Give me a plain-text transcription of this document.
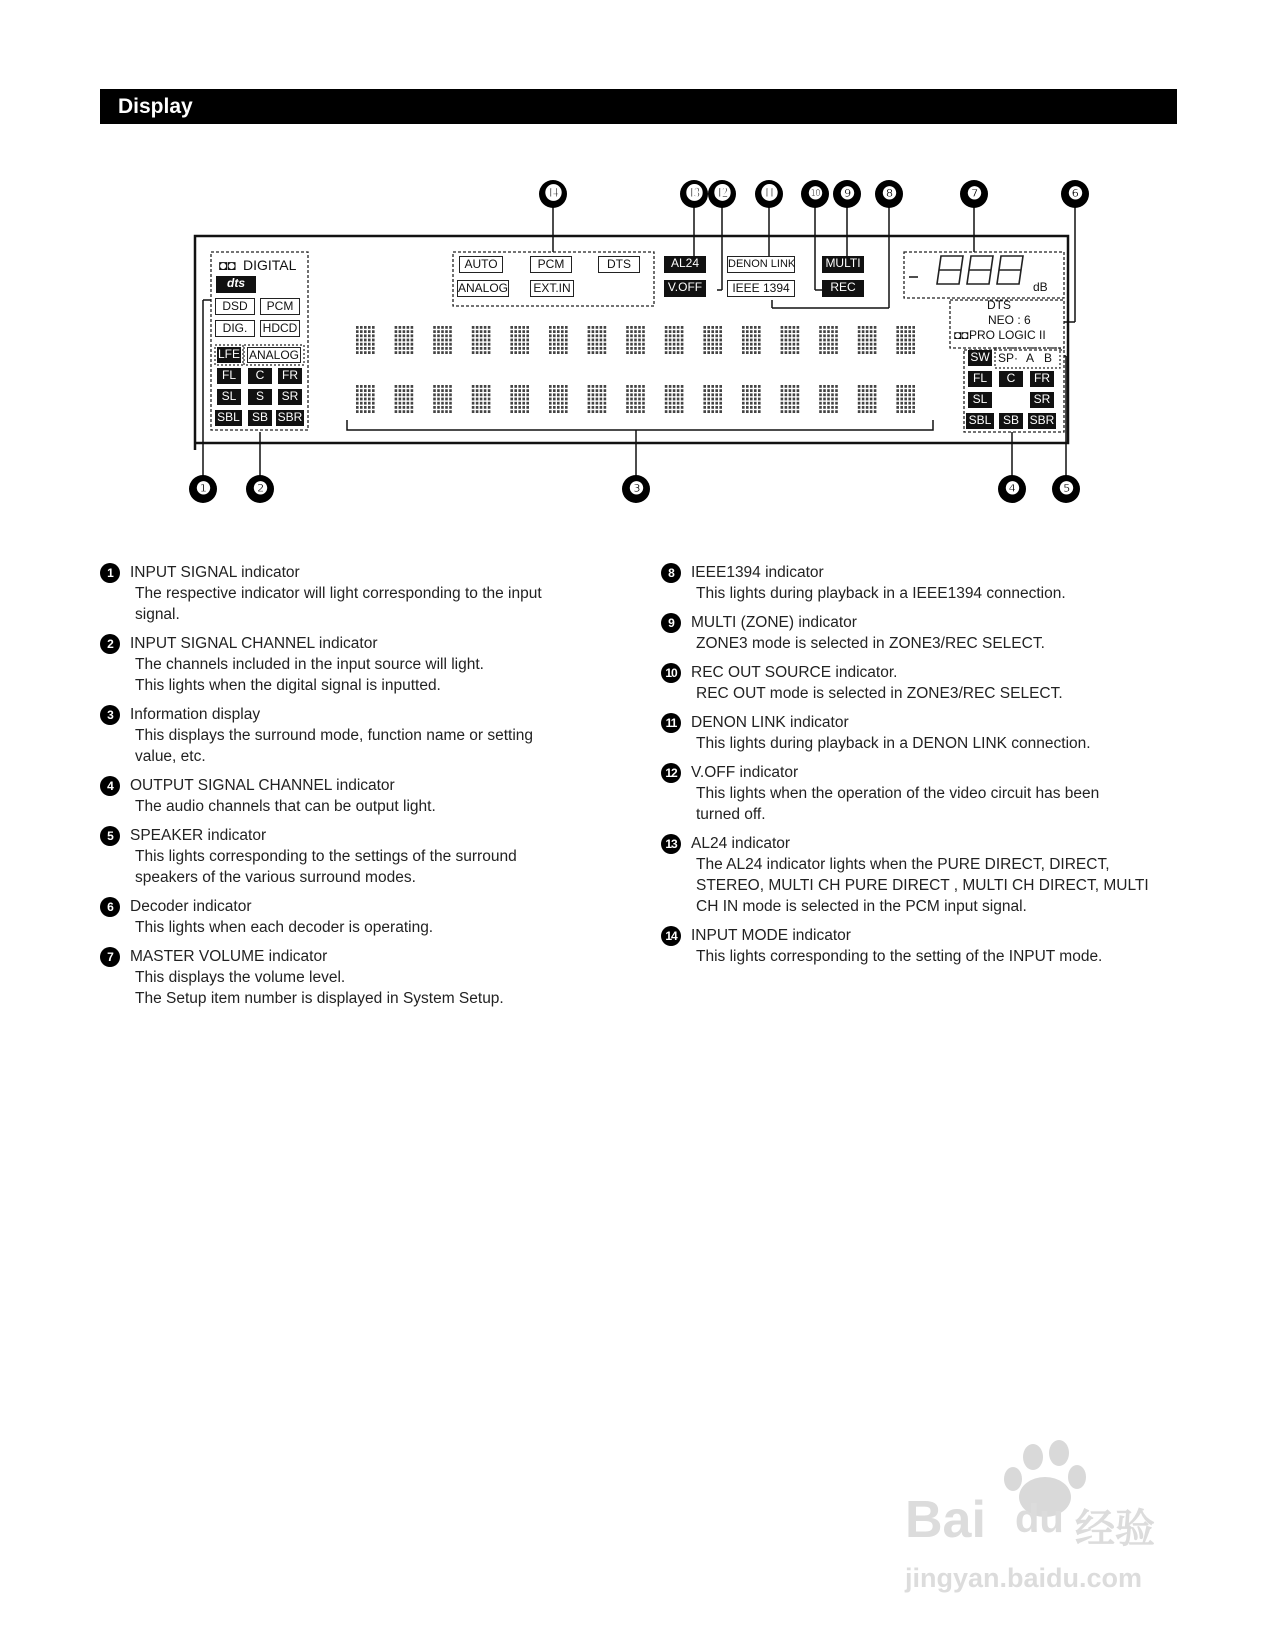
Display
⓮	⓭ ⓬	⓫	❿	❾	❽	❼	❻
❶	❷	❸	❹	❺
◘◘ DIGITAL
dts
DSD	PCM
DIG.	HDCD
LFE ANALOG
FL	C	FR
SL	S	SR
SBL	SB SBR
AUTO	PCM	DTS
ANALOG EXT.IN
AL24
V.OFF
DENON LINK
IEEE 1394
MULTI
REC	dB
DTS
NEO : 6
◘◘ PRO LOGIC II
SW SP· A B
FL	C	FR
SL	SR
SBL SB SBR
1	INPUT SIGNAL indicator
The respective indicator will light corresponding to the input
signal.
2	INPUT SIGNAL CHANNEL indicator
The channels included in the input source will light.
This lights when the digital signal is inputted.
3	Information display
This displays the surround mode, function name or setting
value, etc.
4	OUTPUT SIGNAL CHANNEL indicator
The audio channels that can be output light.
5	SPEAKER indicator
This lights corresponding to the settings of the surround
speakers of the various surround modes.
6	Decoder indicator
This lights when each decoder is operating.
7	MASTER VOLUME indicator
This displays the volume level.
The Setup item number is displayed in System Setup.
8	IEEE1394 indicator
This lights during playback in a IEEE1394 connection.
9	MULTI (ZONE) indicator
ZONE3 mode is selected in ZONE3/REC SELECT.
10 REC OUT SOURCE indicator.
REC OUT mode is selected in ZONE3/REC SELECT.
11 DENON LINK indicator
This lights during playback in a DENON LINK connection.
12 V.OFF indicator
This lights when the operation of the video circuit has been
turned off.
13 AL24 indicator
The AL24 indicator lights when the PURE DIRECT, DIRECT,
STEREO, MULTI CH PURE DIRECT , MULTI CH DIRECT, MULTI
CH IN mode is selected in the PCM input signal.
14 INPUT MODE indicator
This lights corresponding to the setting of the INPUT mode.
Bai du 经验
jingyan.baidu.com
